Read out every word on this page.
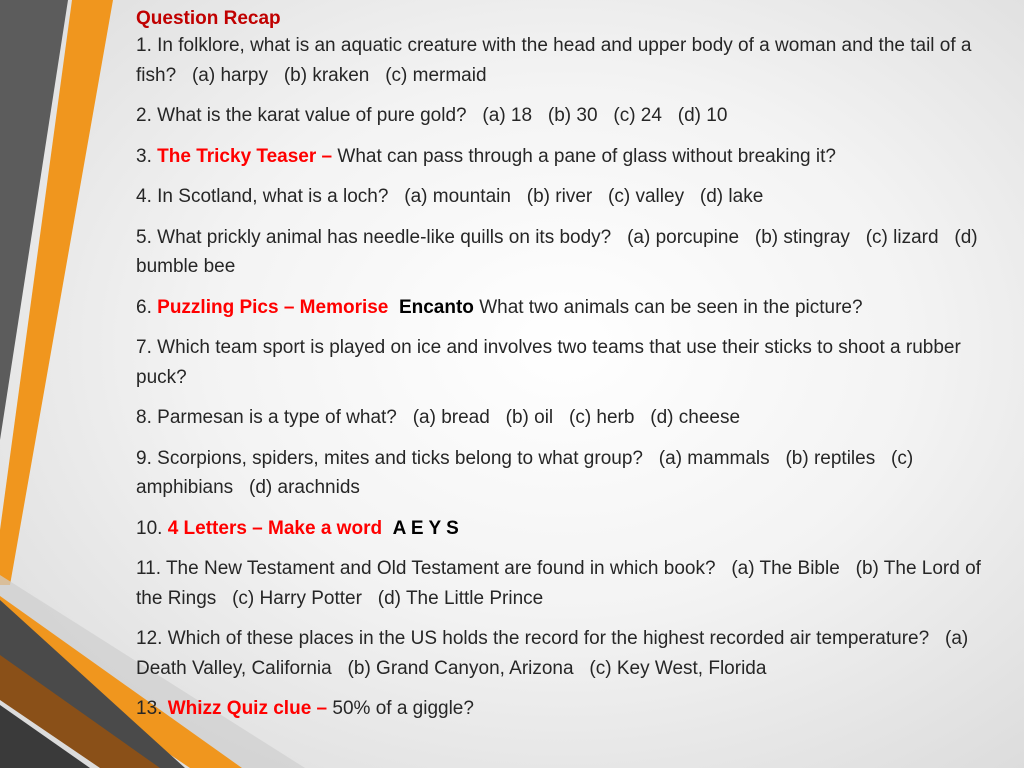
Question Recap
1. In folklore, what is an aquatic creature with the head and upper body of a woman and the tail of a fish?   (a) harpy   (b) kraken   (c) mermaid
2. What is the karat value of pure gold?   (a) 18   (b) 30   (c) 24   (d) 10
3. The Tricky Teaser – What can pass through a pane of glass without breaking it?
4. In Scotland, what is a loch?   (a) mountain   (b) river   (c) valley   (d) lake
5. What prickly animal has needle-like quills on its body?   (a) porcupine   (b) stingray   (c) lizard   (d) bumble bee
6. Puzzling Pics – Memorise Encanto What two animals can be seen in the picture?
7. Which team sport is played on ice and involves two teams that use their sticks to shoot a rubber puck?
8. Parmesan is a type of what?   (a) bread   (b) oil   (c) herb   (d) cheese
9. Scorpions, spiders, mites and ticks belong to what group?   (a) mammals   (b) reptiles   (c) amphibians   (d) arachnids
10. 4 Letters – Make a word A E Y S
11. The New Testament and Old Testament are found in which book?   (a) The Bible   (b) The Lord of the Rings   (c) Harry Potter   (d) The Little Prince
12. Which of these places in the US holds the record for the highest recorded air temperature?   (a) Death Valley, California   (b) Grand Canyon, Arizona   (c) Key West, Florida
13. Whizz Quiz clue – 50% of a giggle?
